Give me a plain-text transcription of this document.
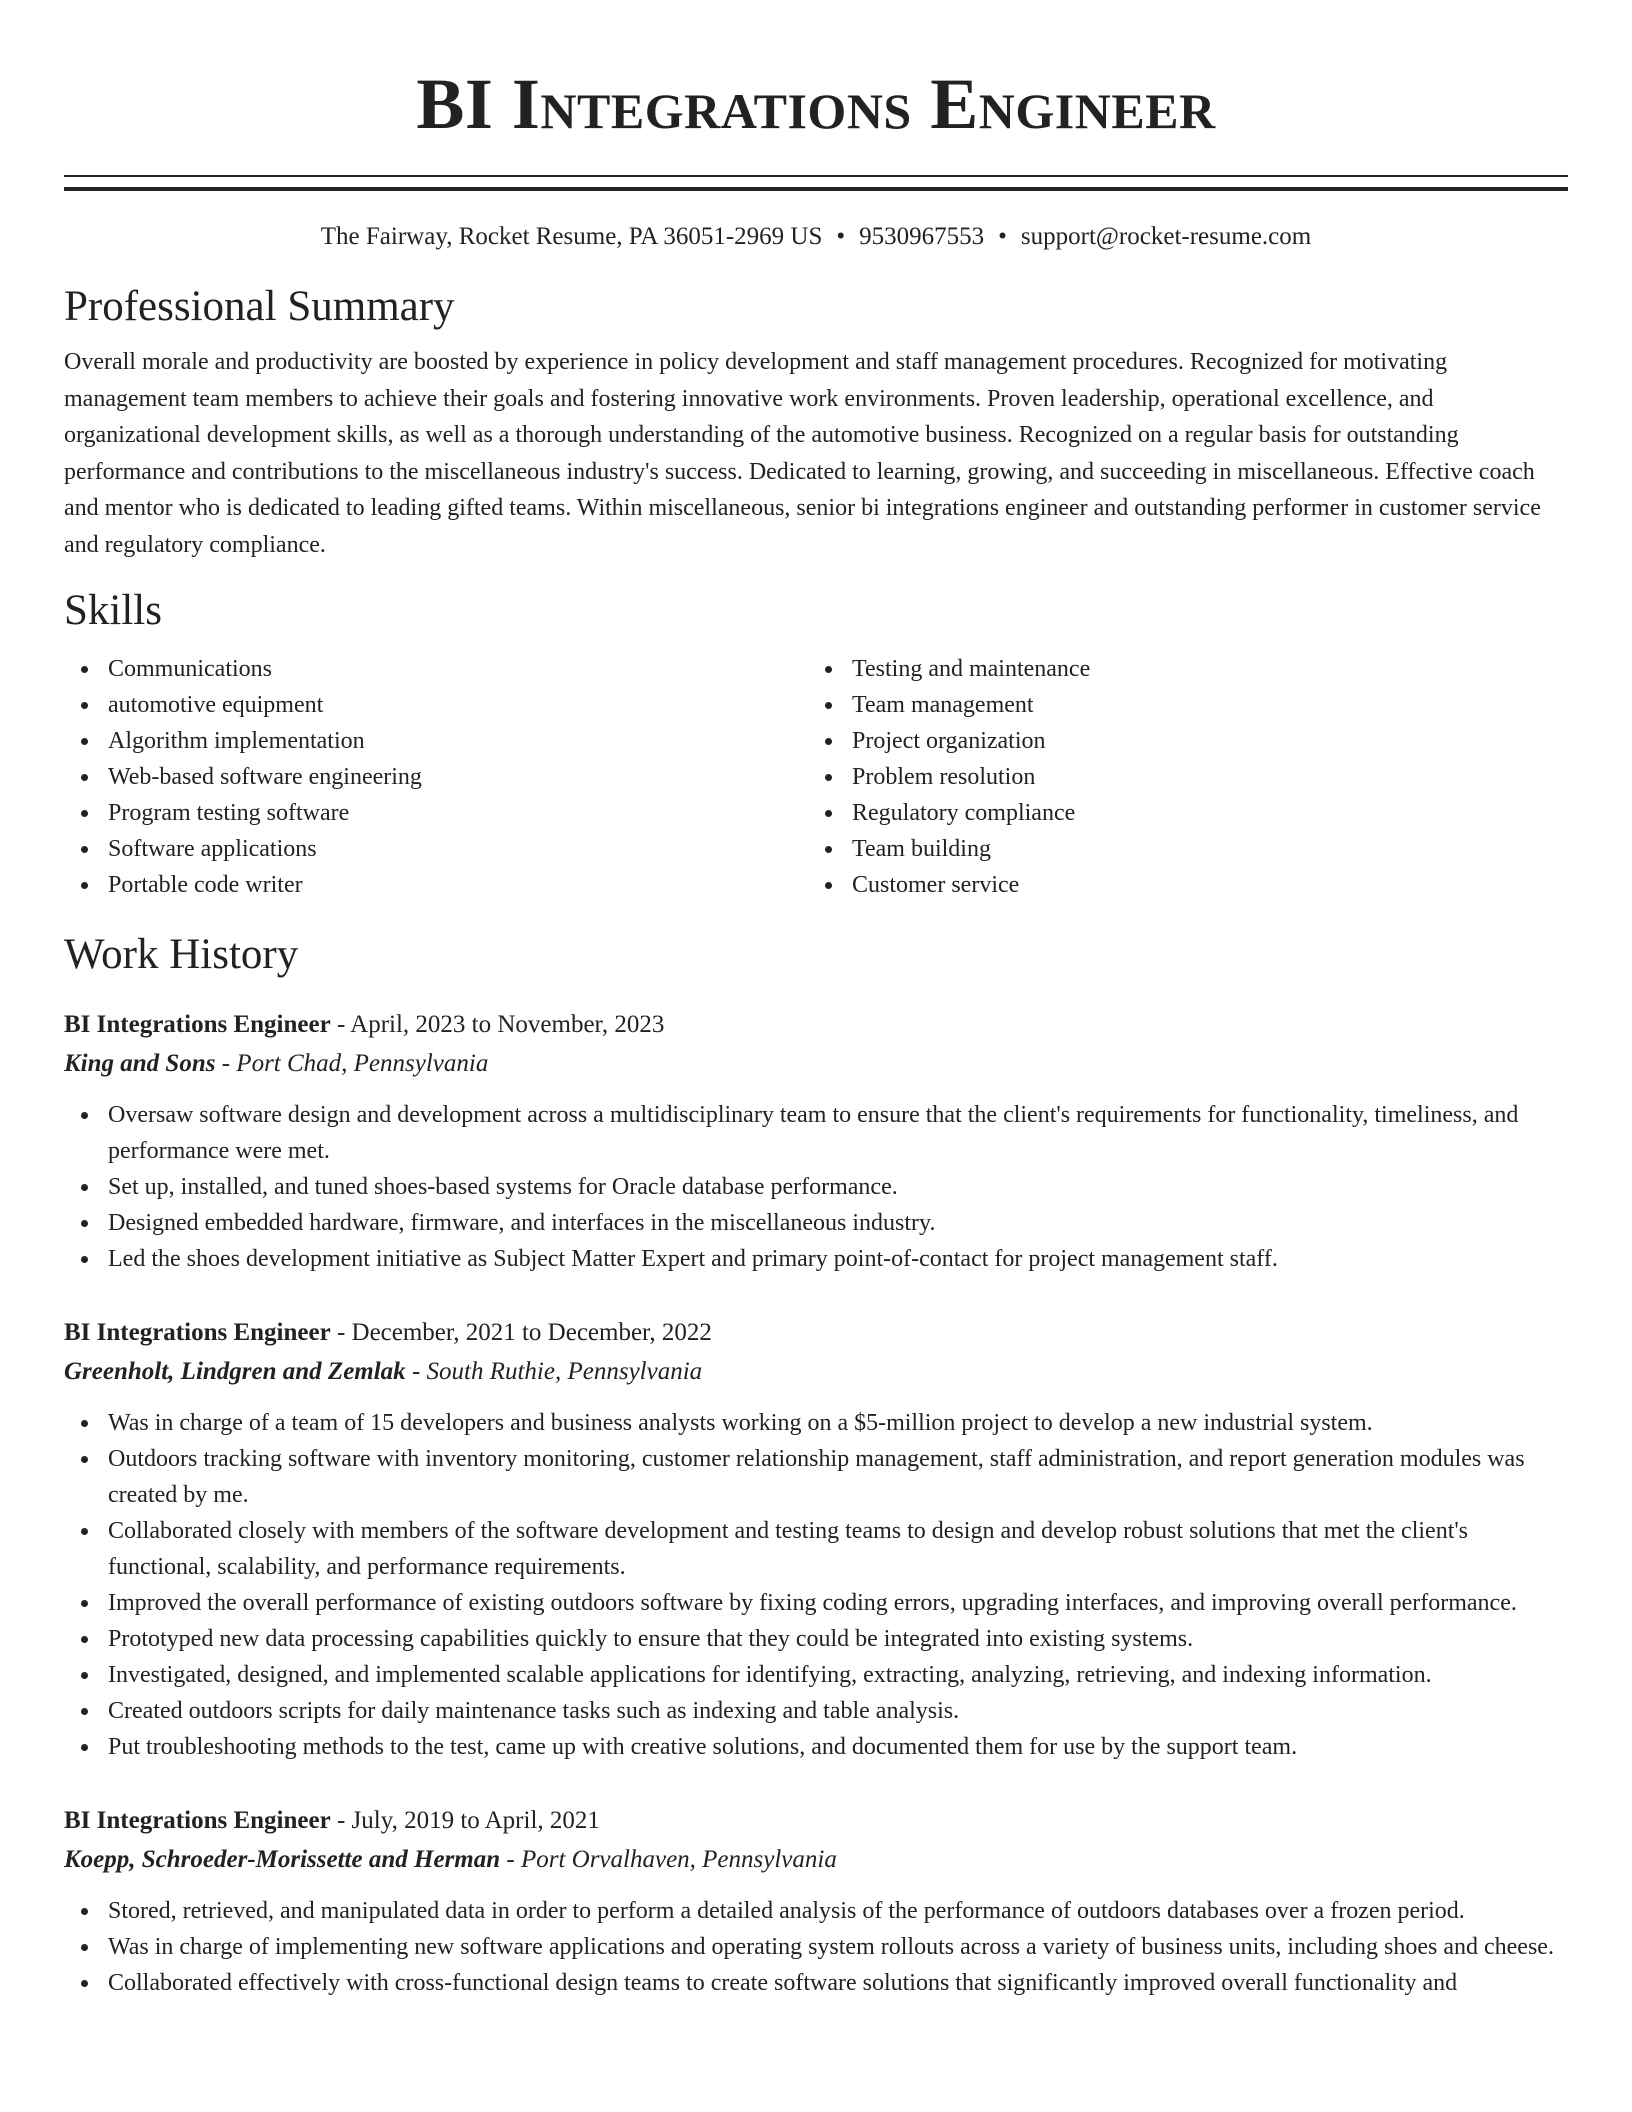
BI Integrations Engineer
The Fairway, Rocket Resume, PA 36051-2969 US • 9530967553 • support@rocket-resume.com
Professional Summary

Overall morale and productivity are boosted by experience in policy development and staff management procedures. Recognized for motivating management team members to achieve their goals and fostering innovative work environments. Proven leadership, operational excellence, and organizational development skills, as well as a thorough understanding of the automotive business. Recognized on a regular basis for outstanding performance and contributions to the miscellaneous industry's success. Dedicated to learning, growing, and succeeding in miscellaneous. Effective coach and mentor who is dedicated to leading gifted teams. Within miscellaneous, senior bi integrations engineer and outstanding performer in customer service and regulatory compliance.

Skills
Communications
automotive equipment
Algorithm implementation
Web-based software engineering
Program testing software
Software applications
Portable code writer
Testing and maintenance
Team management
Project organization
Problem resolution
Regulatory compliance
Team building
Customer service
Work History
BI Integrations Engineer - April, 2023 to November, 2023
King and Sons - Port Chad, Pennsylvania
Oversaw software design and development across a multidisciplinary team to ensure that the client's requirements for functionality, timeliness, and performance were met.
Set up, installed, and tuned shoes-based systems for Oracle database performance.
Designed embedded hardware, firmware, and interfaces in the miscellaneous industry.
Led the shoes development initiative as Subject Matter Expert and primary point-of-contact for project management staff.
BI Integrations Engineer - December, 2021 to December, 2022
Greenholt, Lindgren and Zemlak - South Ruthie, Pennsylvania
Was in charge of a team of 15 developers and business analysts working on a $5-million project to develop a new industrial system.
Outdoors tracking software with inventory monitoring, customer relationship management, staff administration, and report generation modules was created by me.
Collaborated closely with members of the software development and testing teams to design and develop robust solutions that met the client's functional, scalability, and performance requirements.
Improved the overall performance of existing outdoors software by fixing coding errors, upgrading interfaces, and improving overall performance.
Prototyped new data processing capabilities quickly to ensure that they could be integrated into existing systems.
Investigated, designed, and implemented scalable applications for identifying, extracting, analyzing, retrieving, and indexing information.
Created outdoors scripts for daily maintenance tasks such as indexing and table analysis.
Put troubleshooting methods to the test, came up with creative solutions, and documented them for use by the support team.
BI Integrations Engineer - July, 2019 to April, 2021
Koepp, Schroeder-Morissette and Herman - Port Orvalhaven, Pennsylvania
Stored, retrieved, and manipulated data in order to perform a detailed analysis of the performance of outdoors databases over a frozen period.
Was in charge of implementing new software applications and operating system rollouts across a variety of business units, including shoes and cheese.
Collaborated effectively with cross-functional design teams to create software solutions that significantly improved overall functionality and
